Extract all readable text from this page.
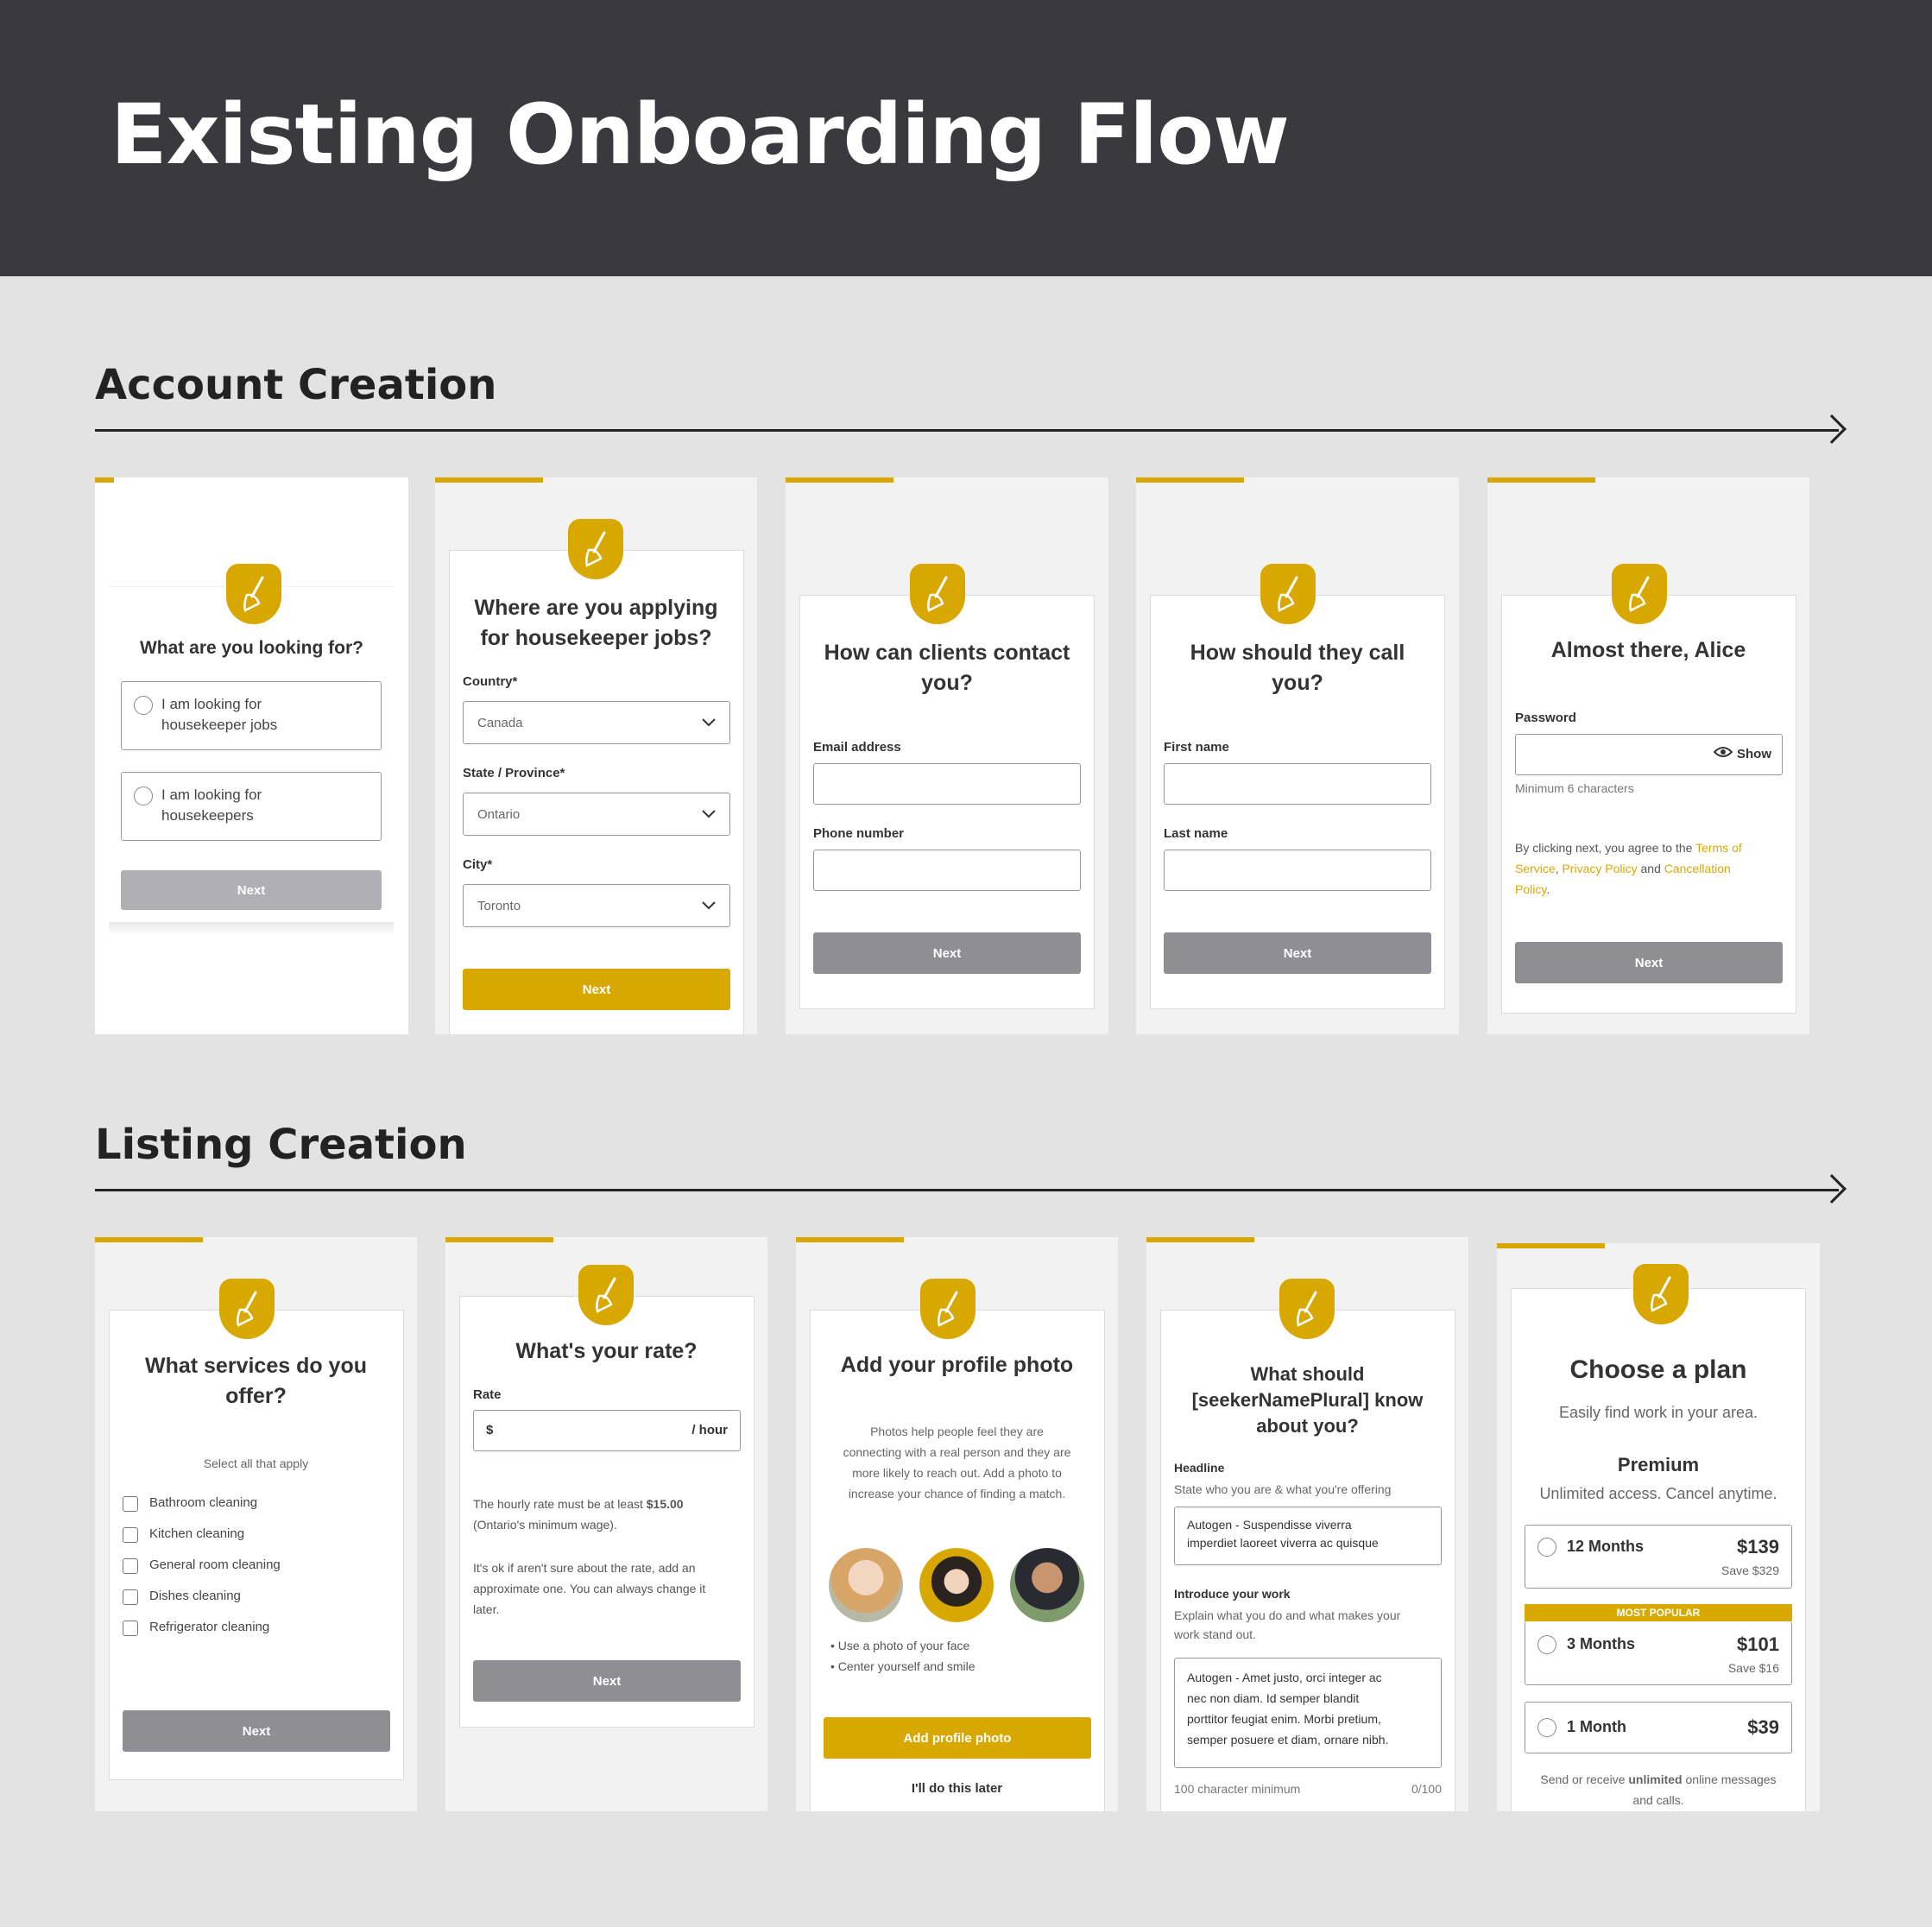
Existing Onboarding Flow
Account Creation
What are you looking for?
I am looking for
housekeeper jobs
I am looking for
housekeepers
Next
Where are you applying
for housekeeper jobs?
Country*
Canada
State / Province*
Ontario
City*
Toronto
Next
How can clients contact
you?
Email address
Phone number
Next
How should they call
you?
First name
Last name
Next
Almost there, Alice
Password
Show
Minimum 6 characters
By clicking next, you agree to the Terms of
Service, Privacy Policy and Cancellation
Policy.
Next
Listing Creation
What services do you
offer?
Select all that apply
Bathroom cleaning
Kitchen cleaning
General room cleaning
Dishes cleaning
Refrigerator cleaning
Next
What's your rate?
Rate
$	/ hour
The hourly rate must be at least $15.00
(Ontario's minimum wage).
It's ok if aren't sure about the rate, add an
approximate one. You can always change it
later.
Next
Add your profile photo
Photos help people feel they are
connecting with a real person and they are
more likely to reach out. Add a photo to
increase your chance of finding a match.
• Use a photo of your face
• Center yourself and smile
Add profile photo
I'll do this later
What should
[seekerNamePlural] know
about you?
Headline
State who you are & what you're offering
Autogen - Suspendisse viverra
imperdiet laoreet viverra ac quisque
Introduce your work
Explain what you do and what makes your
work stand out.
Autogen - Amet justo, orci integer ac
nec non diam. Id semper blandit
porttitor feugiat enim. Morbi pretium,
semper posuere et diam, ornare nibh.
100 character minimum	0/100
Choose a plan
Easily find work in your area.
Premium
Unlimited access. Cancel anytime.
12 Months	$139
Save $329
MOST POPULAR
3 Months	$101
Save $16
1 Month	$39
Send or receive unlimited online messages
and calls.
